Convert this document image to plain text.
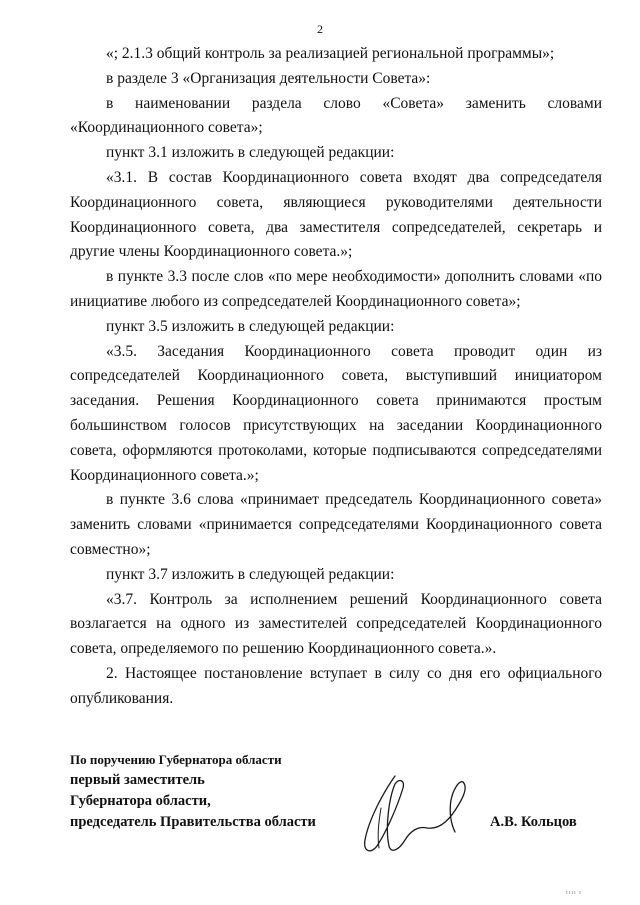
2

«; 2.1.3 общий контроль за реализацией региональной программы»;

в разделе 3 «Организация деятельности Совета»:

в наименовании раздела слово «Совета» заменить словами «Координационного совета»;

пункт 3.1 изложить в следующей редакции:

«3.1. В состав Координационного совета входят два сопредседателя Координационного совета, являющиеся руководителями деятельности Координационного совета, два заместителя сопредседателей, секретарь и другие члены Координационного совета.»;

в пункте 3.3 после слов «по мере необходимости» дополнить словами «по инициативе любого из сопредседателей Координационного совета»;

пункт 3.5 изложить в следующей редакции:

«3.5. Заседания Координационного совета проводит один из сопредседателей Координационного совета, выступивший инициатором заседания. Решения Координационного совета принимаются простым большинством голосов присутствующих на заседании Координационного совета, оформляются протоколами, которые подписываются сопредседателями Координационного совета.»;

в пункте 3.6 слова «принимает председатель Координационного совета» заменить словами «принимается сопредседателями Координационного совета совместно»;

пункт 3.7 изложить в следующей редакции:

«3.7. Контроль за исполнением решений Координационного совета возлагается на одного из заместителей сопредседателей Координационного совета, определяемого по решению Координационного совета.».

2. Настоящее постановление вступает в силу со дня его официального опубликования.

По поручению Губернатора области
первый заместитель
Губернатора области,
председатель Правительства области	А.В. Кольцов
ıııı ı
